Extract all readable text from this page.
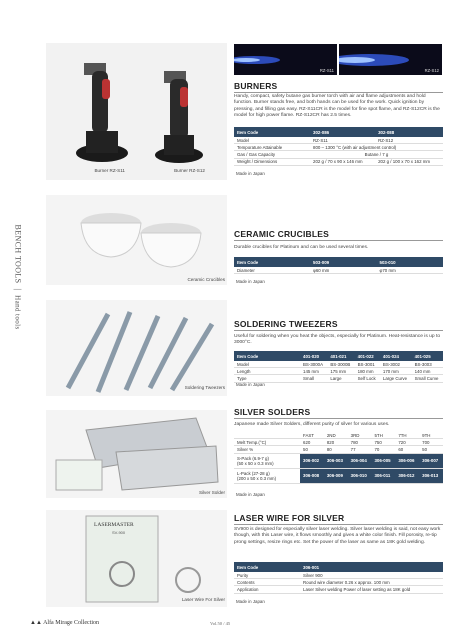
BENCH TOOLS  |  Hand tools
Burner RZ-S11	Burner RZ-S12
RZ-S11	RZ-S12
BURNERS
Handy, compact, safety butane gas burner torch with air and flame adjustments and hold function. Burner stands free, and both hands can be used for the work. Quick ignition by pressing, and filling gas easy. RZ-S11CR is the model for fine spot flame, and RZ-S12CR is the model for high power flame. RZ-S12CR has 2.5 times.
Item Code	302-086	302-088
Model	RZ-S11	RZ-S12
Temporature Attainable	800 – 1300 °C (with air adjustment control)	
Gas / Gas Capacity	Butane / 7 g	
Weight / Dimensions	202 g / 70 x 90 x 146 mm	202 g / 100 x 70 x 162 mm
Made in Japan
Ceramic Crucibles
CERAMIC CRUCIBLES
Durable crucibles for Platinum and can be used several times.
Item Code	503-009	503-010
Diameter	φ60 mm	φ70 mm
Made in Japan
Soldering Tweezers
SOLDERING TWEEZERS
Useful for soldering when you heat the objects, especially for Platinum. Heat-resistance is up to 3000°C.
Item Code	401-020	401-021	401-022	401-024	401-025
Model	BS-3000A	BS-3000B	BS-3001	BS-3002	BS-3003
Length	145 mm	175 mm	180 mm	170 mm	140 mm
Type	Small	Large	Self Lock	Large Curve	Small Curve
Made in Japan
Silver Solder
SILVER SOLDERS
Japanese made Silver Solders, different purity of silver for various uses.
	FAST	2ND	3RD	5TH	7TH	9TH
Melt Temp.(°C)	620	820	780	750	720	700
Silver %	50	80	77	70	60	50
S-Pack (6.9-7 g)
(50 x 50 x 0.3 mm)	306-002	306-003	306-004	306-005	306-006	306-007
L-Pack (27-28 g)
(200 x 50 x 0.3 mm)	306-008	306-009	306-010	306-011	306-012	306-013
Made in Japan
LASERMASTER
SV-900
Laser Wire For Silver
LASER WIRE FOR SILVER
SV900 is designed for especially silver laser welding. Silver laser welding is said, not easy work though, with this Laser wire, it flows smoothly and gives a white color finish. Fill porosity, re-tip prong settings, resize rings etc. Set the power of the laser as same as 18K gold welding.
Item Code	306-001
Purity	Silver 900
Contents	Round wire diameter 0.26 x approx. 100 mm
Application	Laser Silver welding Power of laser setting as 18K gold
Made in Japan
▲▲ Alfa Mirage Collection	Vol.50 / 45
